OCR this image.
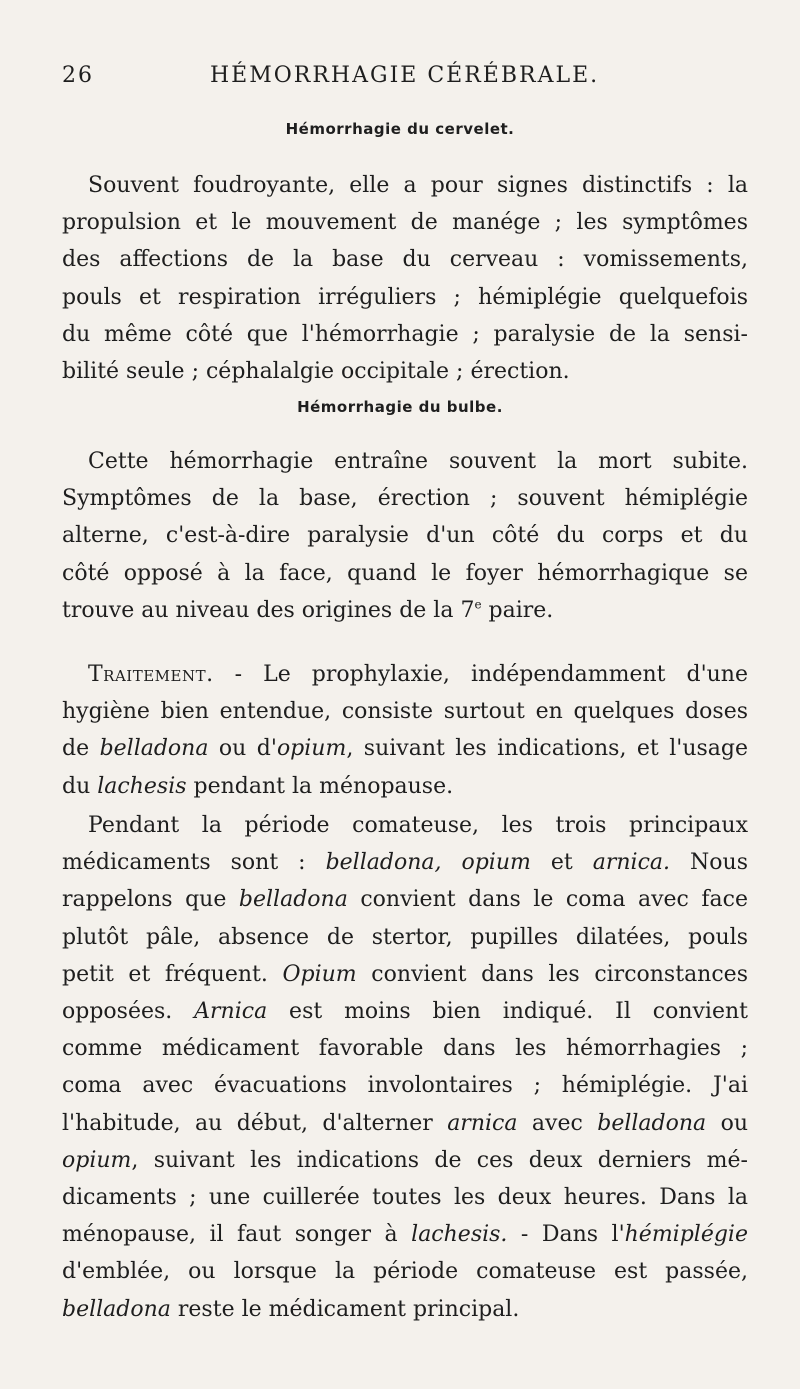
26	HÉMORRHAGIE CÉRÉBRALE.
Hémorrhagie du cervelet.
Souvent foudroyante, elle a pour signes distinctifs : la
propulsion et le mouvement de manége ; les symptômes
des affections de la base du cerveau : vomissements,
pouls et respiration irréguliers ; hémiplégie quelquefois
du même côté que l'hémorrhagie ; paralysie de la sensi-
bilité seule ; céphalalgie occipitale ; érection.
Hémorrhagie du bulbe.
Cette hémorrhagie entraîne souvent la mort subite.
Symptômes de la base, érection ; souvent hémiplégie
alterne, c'est-à-dire paralysie d'un côté du corps et du
côté opposé à la face, quand le foyer hémorrhagique se
trouve au niveau des origines de la 7e paire.
Traitement. - Le prophylaxie, indépendamment d'une
hygiène bien entendue, consiste surtout en quelques doses
de belladona ou d'opium, suivant les indications, et l'usage
du lachesis pendant la ménopause.
Pendant la période comateuse, les trois principaux
médicaments sont : belladona, opium et arnica. Nous
rappelons que belladona convient dans le coma avec face
plutôt pâle, absence de stertor, pupilles dilatées, pouls
petit et fréquent. Opium convient dans les circonstances
opposées. Arnica est moins bien indiqué. Il convient
comme médicament favorable dans les hémorrhagies ;
coma avec évacuations involontaires ; hémiplégie. J'ai
l'habitude, au début, d'alterner arnica avec belladona ou
opium, suivant les indications de ces deux derniers mé-
dicaments ; une cuillerée toutes les deux heures. Dans la
ménopause, il faut songer à lachesis. - Dans l'hémiplégie
d'emblée, ou lorsque la période comateuse est passée,
belladona reste le médicament principal.
